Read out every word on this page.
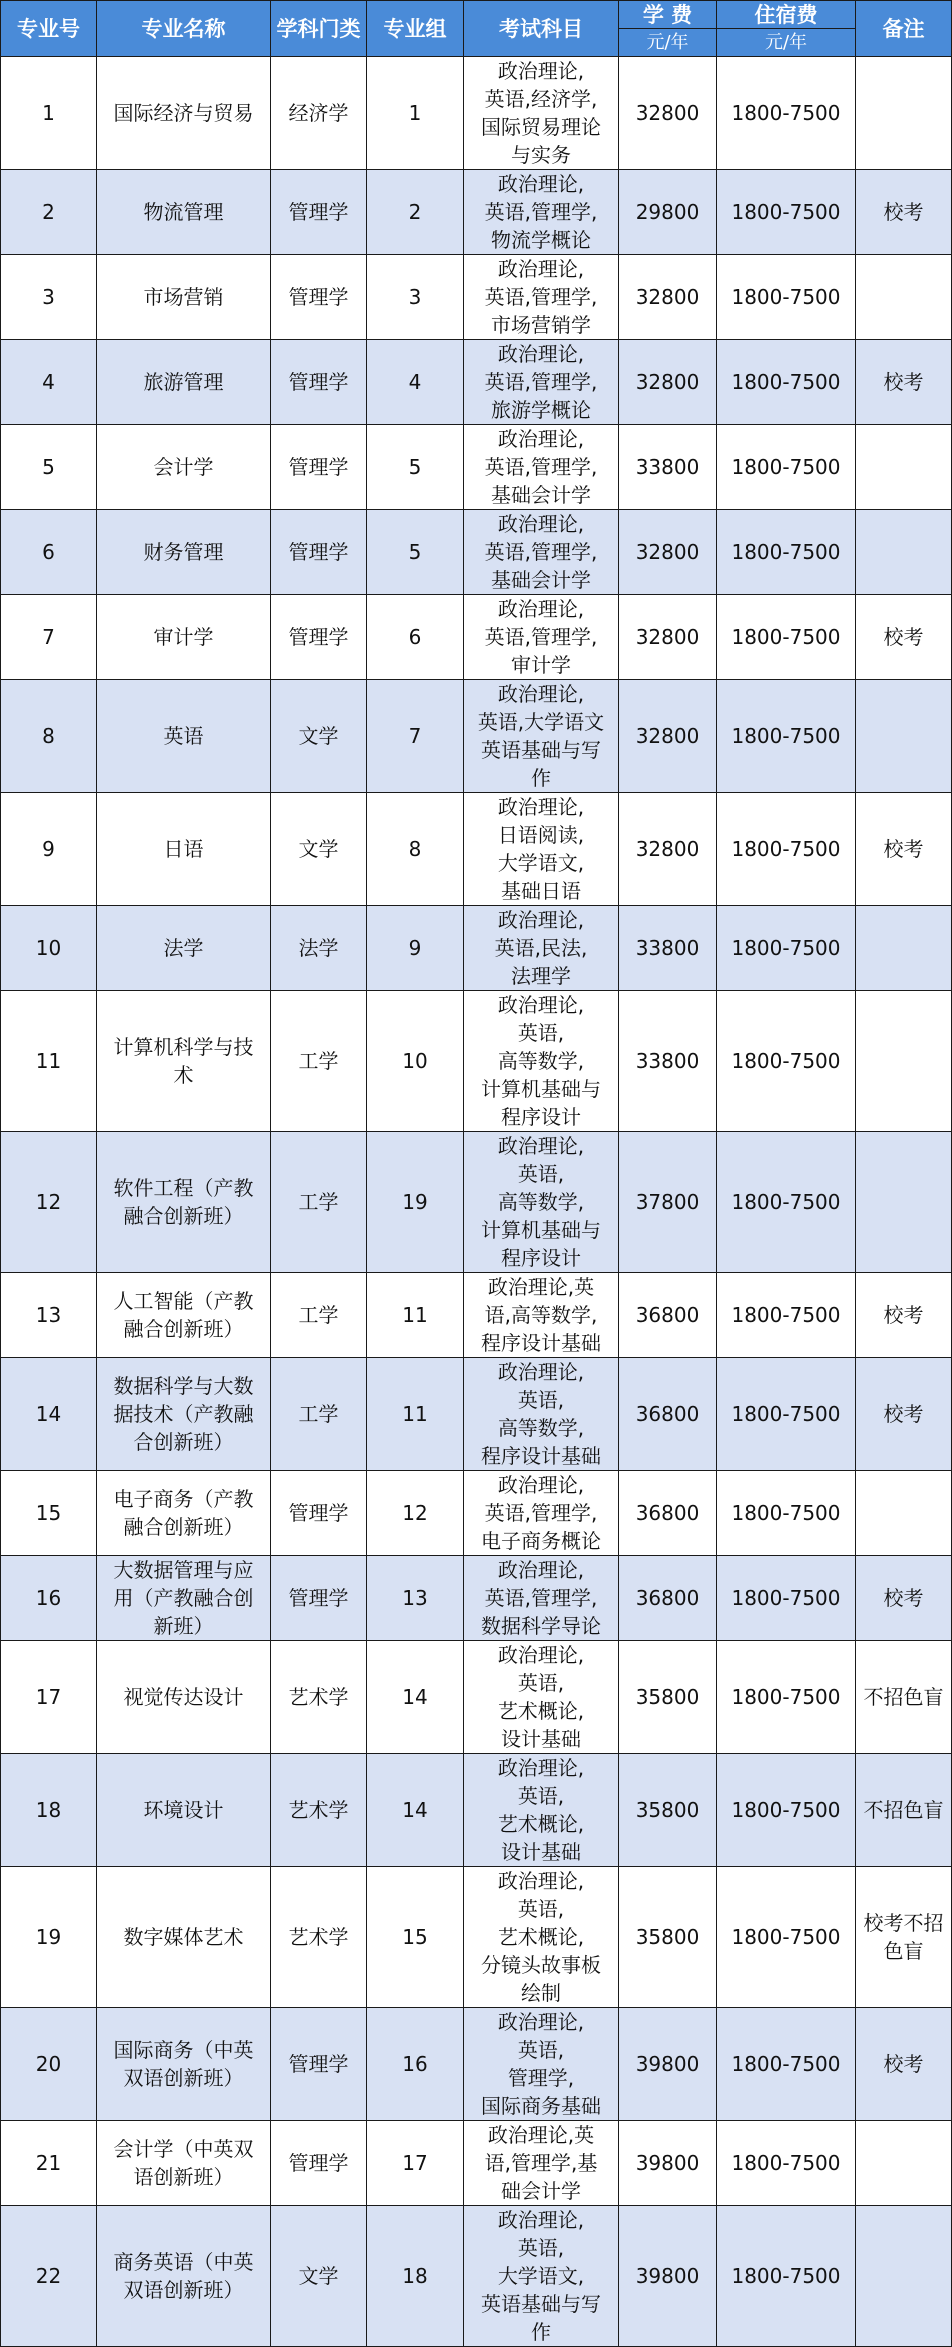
专业号	专业名称	学科门类	专业组	考试科目	学 费	住宿费	备注
					元/年	元/年	
1	国际经济与贸易	经济学	1	政治理论,
英语,经济学,
国际贸易理论
与实务	32800	1800-7500	
2	物流管理	管理学	2	政治理论,
英语,管理学,
物流学概论	29800	1800-7500	校考
3	市场营销	管理学	3	政治理论,
英语,管理学,
市场营销学	32800	1800-7500	
4	旅游管理	管理学	4	政治理论,
英语,管理学,
旅游学概论	32800	1800-7500	校考
5	会计学	管理学	5	政治理论,
英语,管理学,
基础会计学	33800	1800-7500	
6	财务管理	管理学	5	政治理论,
英语,管理学,
基础会计学	32800	1800-7500	
7	审计学	管理学	6	政治理论,
英语,管理学,
审计学	32800	1800-7500	校考
8	英语	文学	7	政治理论,
英语,大学语文
英语基础与写
作	32800	1800-7500	
9	日语	文学	8	政治理论,
日语阅读,
大学语文,
基础日语	32800	1800-7500	校考
10	法学	法学	9	政治理论,
英语,民法,
法理学	33800	1800-7500	
11	计算机科学与技
术	工学	10	政治理论,
英语,
高等数学,
计算机基础与
程序设计	33800	1800-7500	
12	软件工程（产教
融合创新班）	工学	19	政治理论,
英语,
高等数学,
计算机基础与
程序设计	37800	1800-7500	
13	人工智能（产教
融合创新班）	工学	11	政治理论,英
语,高等数学,
程序设计基础	36800	1800-7500	校考
14	数据科学与大数
据技术（产教融
合创新班）	工学	11	政治理论,
英语,
高等数学,
程序设计基础	36800	1800-7500	校考
15	电子商务（产教
融合创新班）	管理学	12	政治理论,
英语,管理学,
电子商务概论	36800	1800-7500	
16	大数据管理与应
用（产教融合创
新班）	管理学	13	政治理论,
英语,管理学,
数据科学导论	36800	1800-7500	校考
17	视觉传达设计	艺术学	14	政治理论,
英语,
艺术概论,
设计基础	35800	1800-7500	不招色盲
18	环境设计	艺术学	14	政治理论,
英语,
艺术概论,
设计基础	35800	1800-7500	不招色盲
19	数字媒体艺术	艺术学	15	政治理论,
英语,
艺术概论,
分镜头故事板
绘制	35800	1800-7500	校考不招
色盲
20	国际商务（中英
双语创新班）	管理学	16	政治理论,
英语,
管理学,
国际商务基础	39800	1800-7500	校考
21	会计学（中英双
语创新班）	管理学	17	政治理论,英
语,管理学,基
础会计学	39800	1800-7500	
22	商务英语（中英
双语创新班）	文学	18	政治理论,
英语,
大学语文,
英语基础与写
作	39800	1800-7500	
